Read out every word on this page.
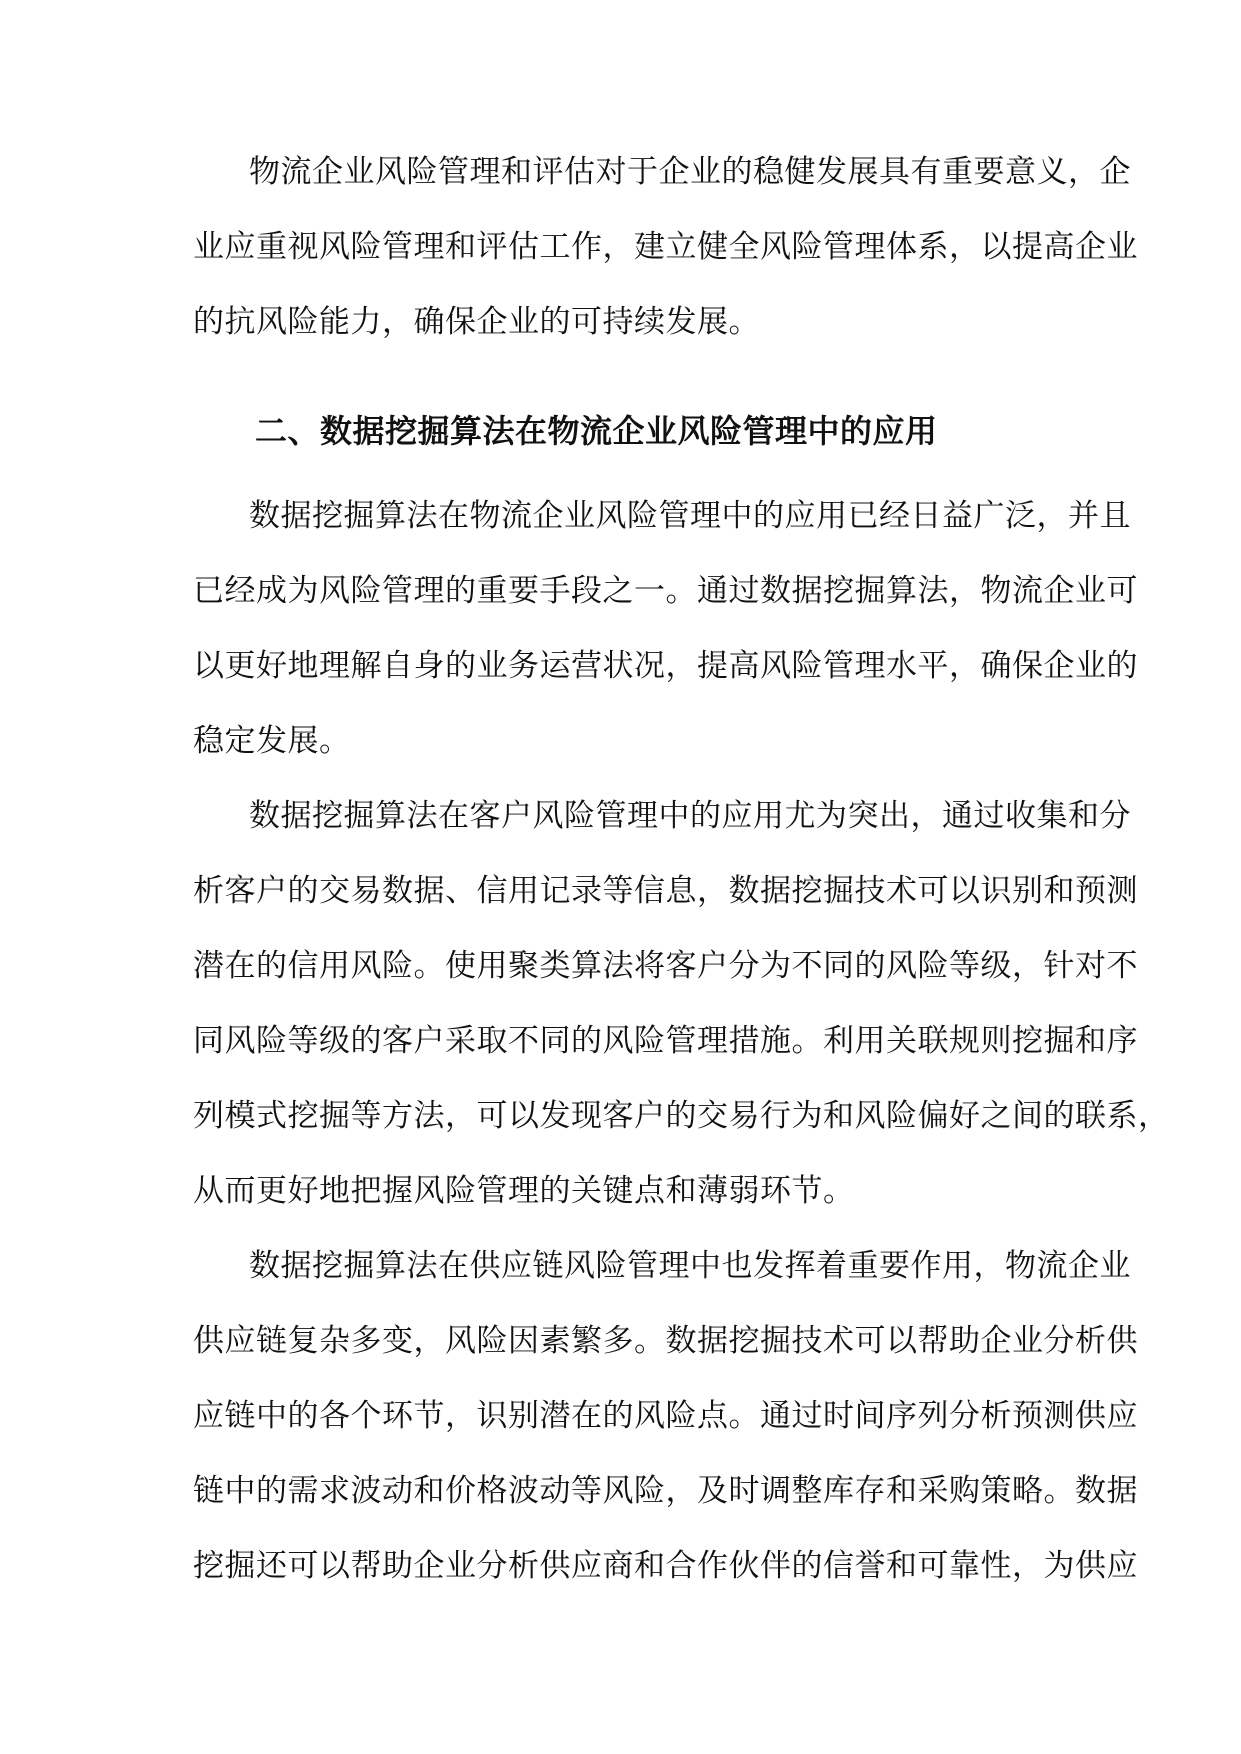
物流企业风险管理和评估对于企业的稳健发展具有重要意义，企
业应重视风险管理和评估工作，建立健全风险管理体系，以提高企业
的抗风险能力，确保企业的可持续发展。
二、数据挖掘算法在物流企业风险管理中的应用
数据挖掘算法在物流企业风险管理中的应用已经日益广泛，并且
已经成为风险管理的重要手段之一。通过数据挖掘算法，物流企业可
以更好地理解自身的业务运营状况，提高风险管理水平，确保企业的
稳定发展。
数据挖掘算法在客户风险管理中的应用尤为突出，通过收集和分
析客户的交易数据、信用记录等信息，数据挖掘技术可以识别和预测
潜在的信用风险。使用聚类算法将客户分为不同的风险等级，针对不
同风险等级的客户采取不同的风险管理措施。利用关联规则挖掘和序
列模式挖掘等方法，可以发现客户的交易行为和风险偏好之间的联系，
从而更好地把握风险管理的关键点和薄弱环节。
数据挖掘算法在供应链风险管理中也发挥着重要作用，物流企业
供应链复杂多变，风险因素繁多。数据挖掘技术可以帮助企业分析供
应链中的各个环节，识别潜在的风险点。通过时间序列分析预测供应
链中的需求波动和价格波动等风险，及时调整库存和采购策略。数据
挖掘还可以帮助企业分析供应商和合作伙伴的信誉和可靠性，为供应
